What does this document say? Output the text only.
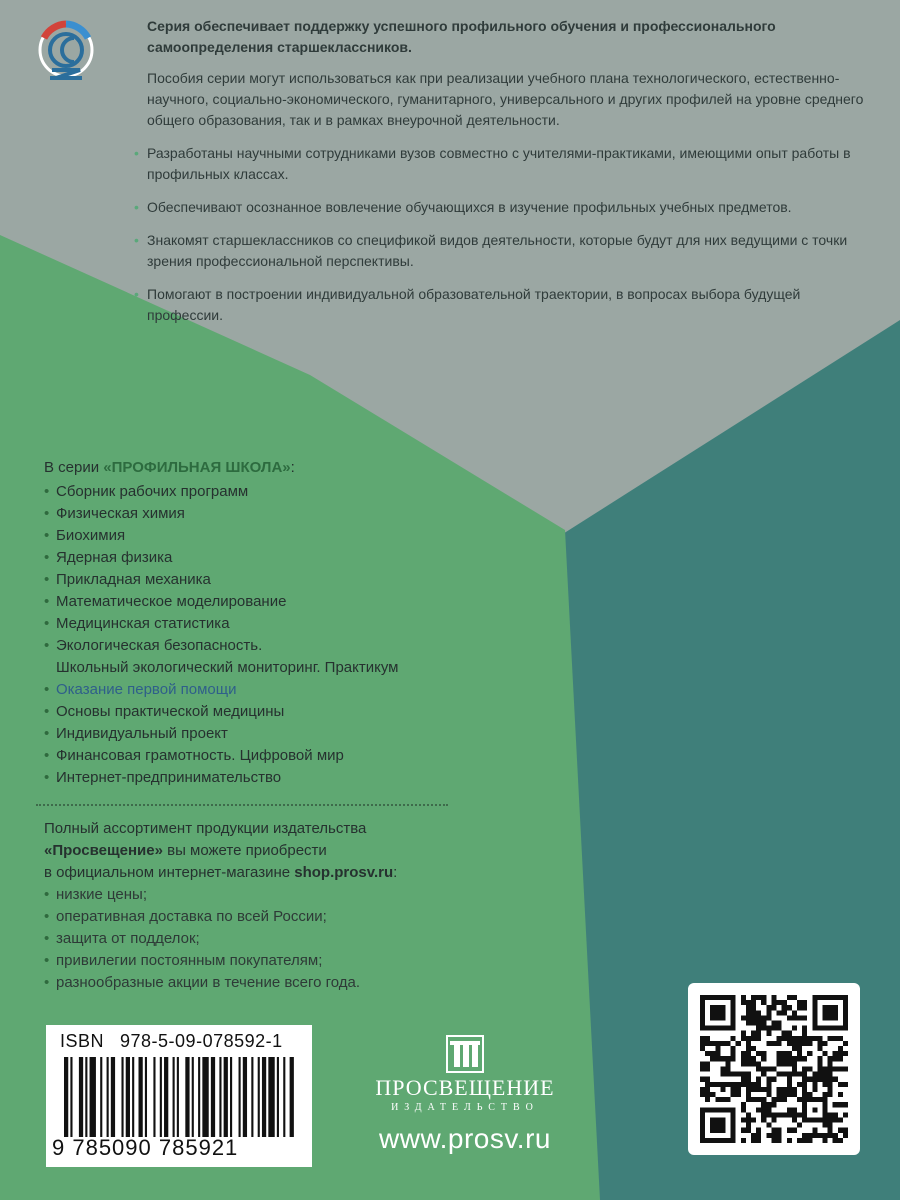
Серия обеспечивает поддержку успешного профильного обучения и профессионального самоопределения старшеклассников.

Пособия серии могут использоваться как при реализации учебного плана технологического, естественно-научного, социально-экономического, гуманитарного, универсального и других профилей на уровне среднего общего образования, так и в рамках внеурочной деятельности.

• Разработаны научными сотрудниками вузов совместно с учителями-практиками, имеющими опыт работы в профильных классах.
• Обеспечивают осознанное вовлечение обучающихся в изучение профильных учебных предметов.
• Знакомят старшеклассников со спецификой видов деятельности, которые будут для них ведущими с точки зрения профессиональной перспективы.
• Помогают в построении индивидуальной образовательной траектории, в вопросах выбора будущей профессии.

В серии «ПРОФИЛЬНАЯ ШКОЛА»:

• Сборник рабочих программ
• Физическая химия
• Биохимия
• Ядерная физика
• Прикладная механика
• Математическое моделирование
• Медицинская статистика
• Экологическая безопасность.
Школьный экологический мониторинг. Практикум
• Оказание первой помощи
• Основы практической медицины
• Индивидуальный проект
• Финансовая грамотность. Цифровой мир
• Интернет-предпринимательство

Полный ассортимент продукции издательства

«Просвещение» вы можете приобрести

в официальном интернет-магазине shop.prosv.ru:

• низкие цены;
• оперативная доставка по всей России;
• защита от подделок;
• привилегии постоянным покупателям;
• разнообразные акции в течение всего года.
ISBN 978-5-09-078592-1
9 785090 785921
ПРОСВЕЩЕНИЕ
ИЗДАТЕЛЬСТВО
www.prosv.ru
